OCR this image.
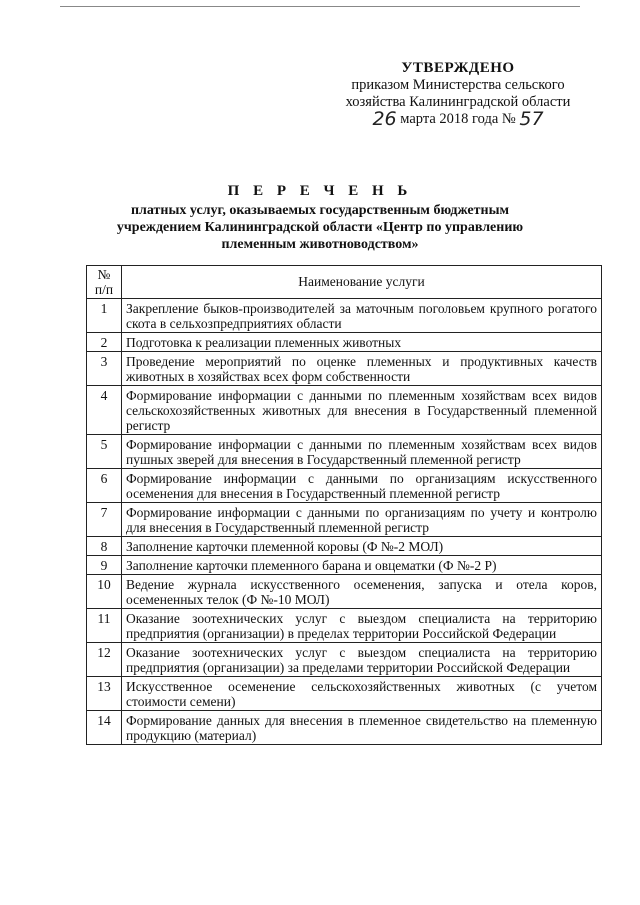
УТВЕРЖДЕНО
приказом Министерства сельского
хозяйства Калининградской области
26 марта 2018 года № 57
П Е Р Е Ч Е Н Ь
платных услуг, оказываемых государственным бюджетным
учреждением Калининградской области «Центр по управлению
племенным животноводством»
№
п/п	Наименование услуги
1	Закрепление быков-производителей за маточным поголовьем крупного рогатого скота в сельхозпредприятиях области
2	Подготовка к реализации племенных животных
3	Проведение мероприятий по оценке племенных и продуктивных качеств животных в хозяйствах всех форм собственности
4	Формирование информации с данными по племенным хозяйствам всех видов сельскохозяйственных животных для внесения в Государственный племенной регистр
5	Формирование информации с данными по племенным хозяйствам всех видов пушных зверей для внесения в Государственный племенной регистр
6	Формирование информации с данными по организациям искусственного осеменения для внесения в Государственный племенной регистр
7	Формирование информации с данными по организациям по учету и контролю для внесения в Государственный племенной регистр
8	Заполнение карточки племенной коровы (Ф №-2 МОЛ)
9	Заполнение карточки племенного барана и овцематки (Ф №-2 Р)
10	Ведение журнала искусственного осеменения, запуска и отела коров, осемененных телок (Ф №-10 МОЛ)
11	Оказание зоотехнических услуг с выездом специалиста на территорию предприятия (организации) в пределах территории Российской Федерации
12	Оказание зоотехнических услуг с выездом специалиста на территорию предприятия (организации) за пределами территории Российской Федерации
13	Искусственное осеменение сельскохозяйственных животных (с учетом стоимости семени)
14	Формирование данных для внесения в племенное свидетельство на племенную продукцию (материал)
